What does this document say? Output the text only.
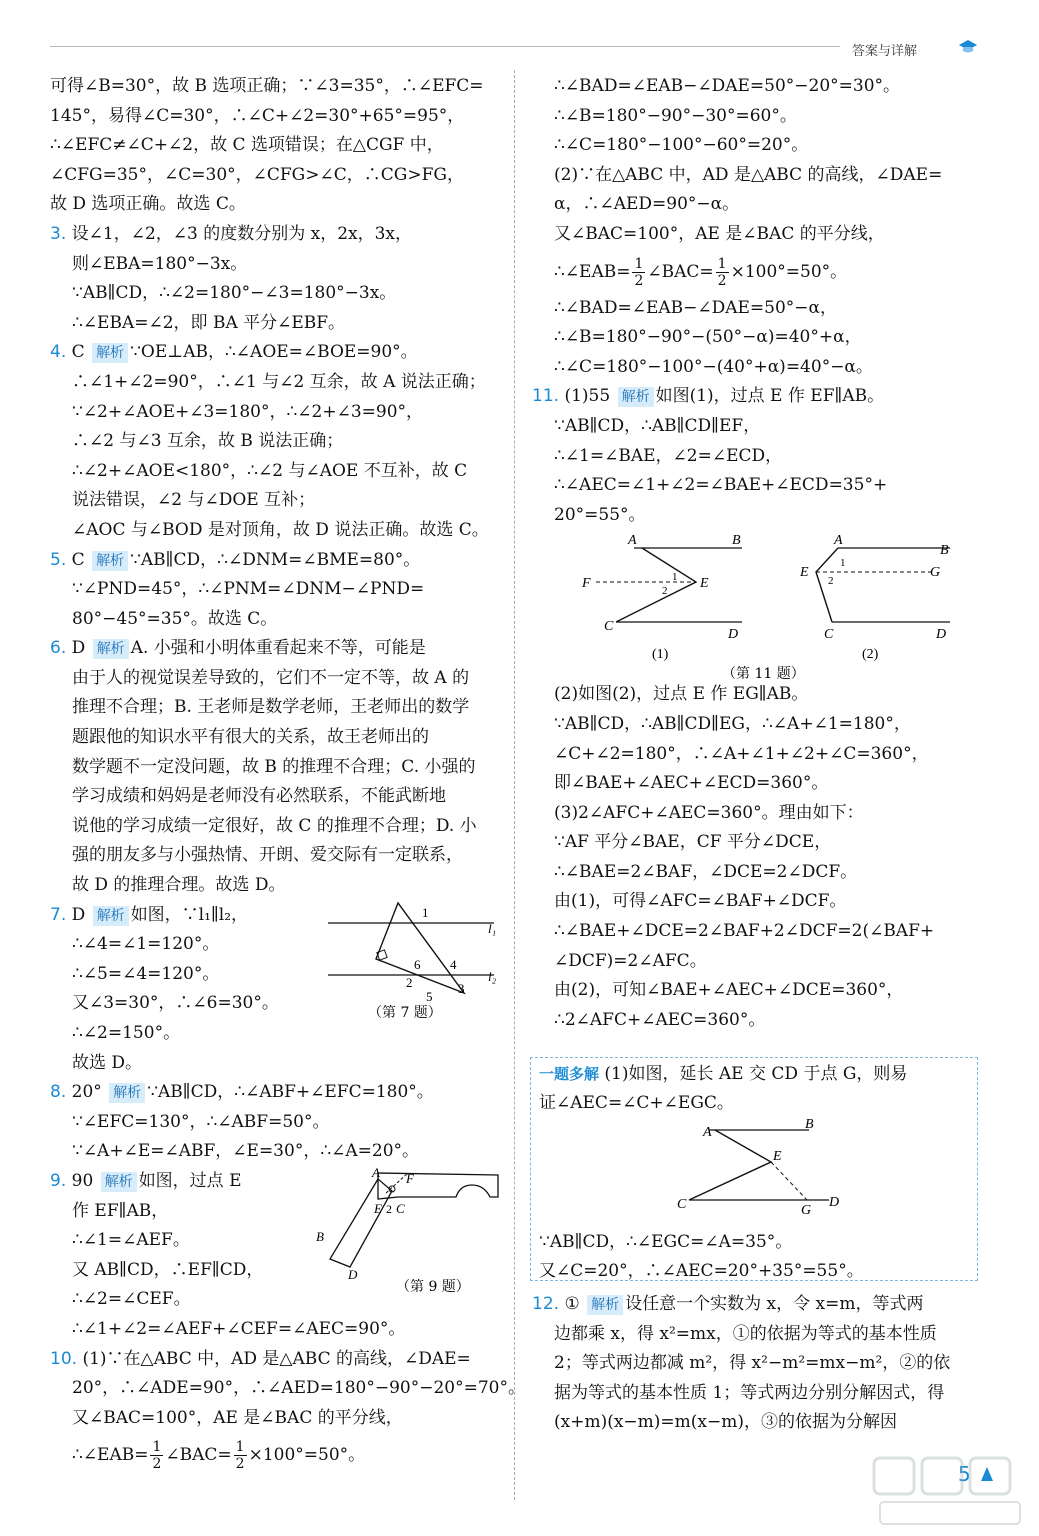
答案与详解
可得∠B=30°，故 B 选项正确；∵∠3=35°，∴∠EFC=
145°，易得∠C=30°，∴∠C+∠2=30°+65°=95°，
∴∠EFC≠∠C+∠2，故 C 选项错误；在△CGF 中，
∠CFG=35°，∠C=30°，∠CFG>∠C，∴CG>FG，
故 D 选项正确。故选 C。
3. 设∠1，∠2，∠3 的度数分别为 x，2x，3x，
则∠EBA=180°−3x。
∵AB∥CD，∴∠2=180°−∠3=180°−3x。
∴∠EBA=∠2，即 BA 平分∠EBF。
4. C 解析 ∵OE⊥AB，∴∠AOE=∠BOE=90°。
∴∠1+∠2=90°，∴∠1 与∠2 互余，故 A 说法正确；
∵∠2+∠AOE+∠3=180°，∴∠2+∠3=90°，
∴∠2 与∠3 互余，故 B 说法正确；
∴∠2+∠AOE<180°，∴∠2 与∠AOE 不互补，故 C
说法错误，∠2 与∠DOE 互补；
∠AOC 与∠BOD 是对顶角，故 D 说法正确。故选 C。
5. C 解析 ∵AB∥CD，∴∠DNM=∠BME=80°。
∵∠PND=45°，∴∠PNM=∠DNM−∠PND=
80°−45°=35°。故选 C。
6. D 解析 A. 小强和小明体重看起来不等，可能是
由于人的视觉误差导致的，它们不一定不等，故 A 的
推理不合理；B. 王老师是数学老师，王老师出的数学
题跟他的知识水平有很大的关系，故王老师出的
数学题不一定没问题，故 B 的推理不合理；C. 小强的
学习成绩和妈妈是老师没有必然联系，不能武断地
说他的学习成绩一定很好，故 C 的推理不合理；D. 小
强的朋友多与小强热情、开朗、爱交际有一定联系，
故 D 的推理合理。故选 D。
7. D 解析 如图，∵l₁∥l₂，
∴∠4=∠1=120°。
∴∠5=∠4=120°。
又∠3=30°，∴∠6=30°。
∴∠2=150°。
故选 D。
1
6 4
2
5
3
l₁
l₂
（第 7 题）
8. 20° 解析 ∵AB∥CD，∴∠ABF+∠EFC=180°。
∵∠EFC=130°，∴∠ABF=50°。
∵∠A+∠E=∠ABF，∠E=30°，∴∠A=20°。
9. 90 解析 如图，过点 E
作 EF∥AB，
∴∠1=∠AEF。
又 AB∥CD，∴EF∥CD，
∴∠2=∠CEF。
∴∠1+∠2=∠AEF+∠CEF=∠AEC=90°。
A F
E 2 C
B
D
（第 9 题）
10. (1)∵在△ABC 中，AD 是△ABC 的高线，∠DAE=
20°，∴∠ADE=90°，∴∠AED=180°−90°−20°=70°。
又∠BAC=100°，AE 是∠BAC 的平分线，
∴∠EAB= $\frac{1}{2}$ ∠BAC= $\frac{1}{2} \times 100^\circ=50^\circ$。
∴∠BAD=∠EAB−∠DAE=50°−20°=30°。
∴∠B=180°−90°−30°=60°。
∴∠C=180°−100°−60°=20°。
(2)∵在△ABC 中，AD 是△ABC 的高线，∠DAE=
α，∴∠AED=90°−α。
又∠BAC=100°，AE 是∠BAC 的平分线，
∴∠EAB= $\frac{1}{2}$ ∠BAC= $\frac{1}{2} \times 100^\circ=50^\circ$。
∴∠BAD=∠EAB−∠DAE=50°−α，
∴∠B=180°−90°−(50°−α)=40°+α，
∴∠C=180°−100°−(40°+α)=40°−α。
11. (1)55 解析 如图(1)，过点 E 作 EF∥AB。
∵AB∥CD，∴AB∥CD∥EF，
∴∠1=∠BAE，∠2=∠ECD，
∴∠AEC=∠1+∠2=∠BAE+∠ECD=35°+
20°=55°。
A	B
F	E
C
D
1
2
(1)
A
B
E	G
C	D
1
2
(2)
（第 11 题）
(2)如图(2)，过点 E 作 EG∥AB。
∵AB∥CD，∴AB∥CD∥EG，∴∠A+∠1=180°，
∠C+∠2=180°，∴∠A+∠1+∠2+∠C=360°，
即∠BAE+∠AEC+∠ECD=360°。
(3)2∠AFC+∠AEC=360°。理由如下：
∵AF 平分∠BAE，CF 平分∠DCE，
∴∠BAE=2∠BAF，∠DCE=2∠DCF。
由(1)，可得∠AFC=∠BAF+∠DCF。
∴∠BAE+∠DCE=2∠BAF+2∠DCF=2(∠BAF+
∠DCF)=2∠AFC。
由(2)，可知∠BAE+∠AEC+∠DCE=360°，
∴2∠AFC+∠AEC=360°。
一题多解 (1)如图，延长 AE 交 CD 于点 G，则易
证∠AEC=∠C+∠EGC。
A
B
E
C	G
D
∵AB∥CD，∴∠EGC=∠A=35°。
又∠C=20°，∴∠AEC=20°+35°=55°。
12. ① 解析 设任意一个实数为 x，令 x=m，等式两
边都乘 x，得 x²=mx，①的依据为等式的基本性质
2；等式两边都减 m²，得 x²−m²=mx−m²，②的依
据为等式的基本性质 1；等式两边分别分解因式，得
(x+m)(x−m)=m(x−m)，③的依据为分解因
5
